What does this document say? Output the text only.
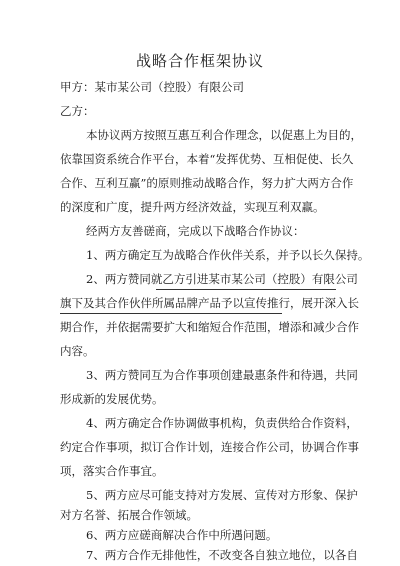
战略合作框架协议
甲方：某市某公司（控股）有限公司
乙方：
本协议两方按照互惠互利合作理念，以促惠上为目的，
依靠国资系统合作平台，本着“发挥优势、互相促使、长久
合作、互利互赢”的原则推动战略合作，努力扩大两方合作
的深度和广度，提升两方经济效益，实现互利双赢。
经两方友善磋商，完成以下战略合作协议：
1、两方确定互为战略合作伙伴关系，并予以长久保持。
2、两方赞同就乙方引进某市某公司（控股）有限公司
旗下及其合作伙伴所属品牌产品予以宣传推行，展开深入长
期合作，并依据需要扩大和缩短合作范围，增添和减少合作
内容。
3、两方赞同互为合作事项创建最惠条件和待遇，共同
形成新的发展优势。
4、两方确定合作协调做事机构，负责供给合作资料，
约定合作事项，拟订合作计划，连接合作公司，协调合作事
项，落实合作事宜。
5、两方应尽可能支持对方发展、宣传对方形象、保护
对方名誉、拓展合作领域。
6、两方应磋商解决合作中所遇问题。
7、两方合作无排他性，不改变各自独立地位，以各自
